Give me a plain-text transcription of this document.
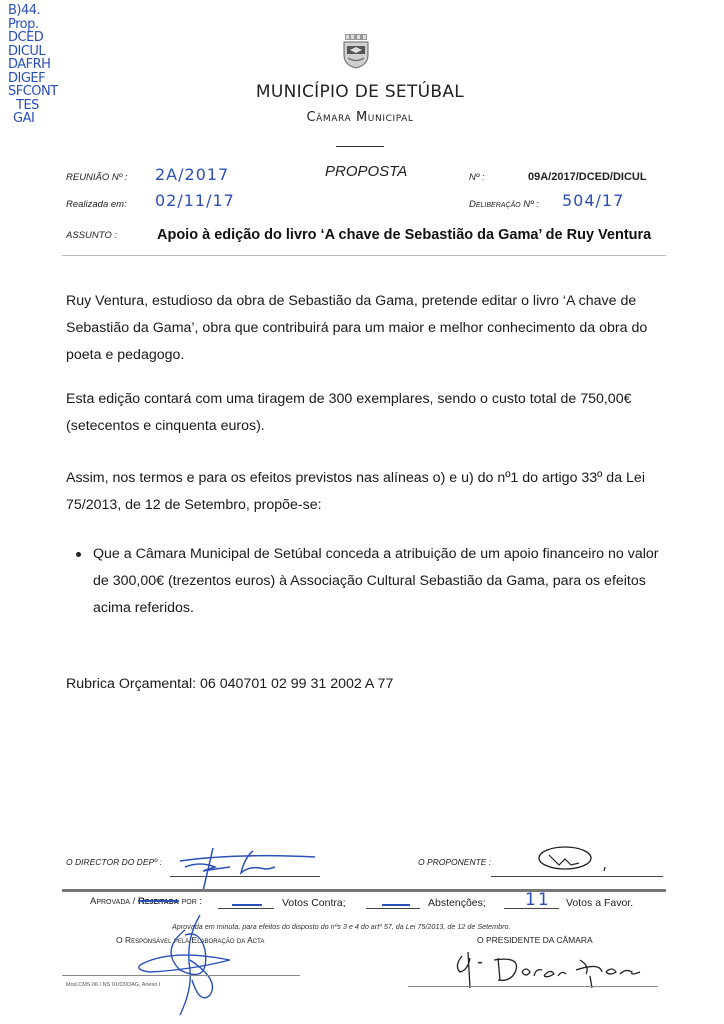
B)44.
Prop.
DCED
DICUL
DAFRH
DIGEF
SFCONT
TES
GAI
MUNICÍPIO DE SETÚBAL
Câmara Municipal
REUNIÃO Nº : 2A/2017
Realizada em: 02/11/17
PROPOSTA	Nº :	09A/2017/DCED/DICUL
Deliberação Nº : 504/17
ASSUNTO :	Apoio à edição do livro ‘A chave de Sebastião da Gama’ de Ruy Ventura
Ruy Ventura, estudioso da obra de Sebastião da Gama, pretende editar o livro ‘A chave de Sebastião da Gama’, obra que contribuirá para um maior e melhor conhecimento da obra do poeta e pedagogo.
Esta edição contará com uma tiragem de 300 exemplares, sendo o custo total de 750,00€ (setecentos e cinquenta euros).
Assim, nos termos e para os efeitos previstos nas alíneas o) e u) do nº1 do artigo 33º da Lei 75/2013, de 12 de Setembro, propõe-se:
Que a Câmara Municipal de Setúbal conceda a atribuição de um apoio financeiro no valor de 300,00€ (trezentos euros) à Associação Cultural Sebastião da Gama, para os efeitos acima referidos.
Rubrica Orçamental: 06 040701 02 99 31 2002 A 77
O DIRECTOR DO DEPº :	O PROPONENTE :
Aprovada / Rejeitada por :	Votos Contra;	Abstenções; 11 Votos a Favor.
Aprovada em minuta, para efeitos do disposto do nºs 3 e 4 do artº 57, da Lei 75/2013, de 12 de Setembro.
O Responsável pela Elaboração da Acta	O PRESIDENTE DA CÂMARA
Mod.CMS.06 / NS 01/03/DAG, Anexo I
